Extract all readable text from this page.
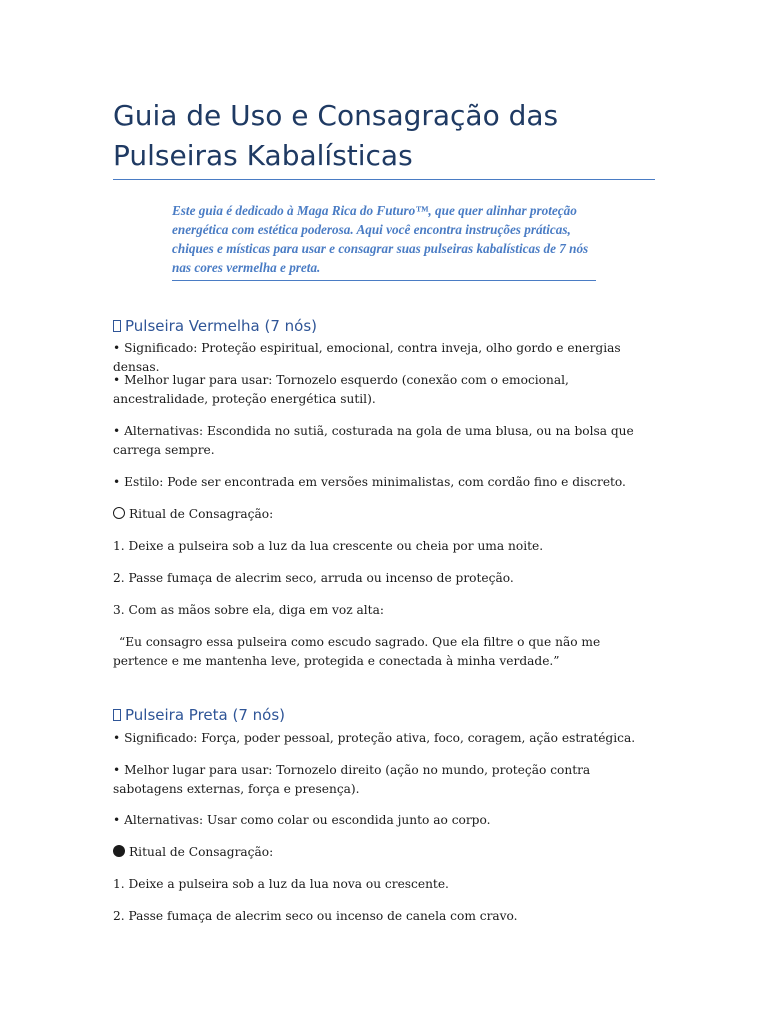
Guia de Uso e Consagração das Pulseiras Kabalísticas
Este guia é dedicado à Maga Rica do Futuro™, que quer alinhar proteção energética com estética poderosa. Aqui você encontra instruções práticas, chiques e místicas para usar e consagrar suas pulseiras kabalísticas de 7 nós nas cores vermelha e preta.
Pulseira Vermelha (7 nós)

• Significado: Proteção espiritual, emocional, contra inveja, olho gordo e energias densas.

• Melhor lugar para usar: Tornozelo esquerdo (conexão com o emocional, ancestralidade, proteção energética sutil).

• Alternativas: Escondida no sutiã, costurada na gola de uma blusa, ou na bolsa que carrega sempre.

• Estilo: Pode ser encontrada em versões minimalistas, com cordão fino e discreto.

Ritual de Consagração:

1. Deixe a pulseira sob a luz da lua crescente ou cheia por uma noite.

2. Passe fumaça de alecrim seco, arruda ou incenso de proteção.

3. Com as mãos sobre ela, diga em voz alta:

“Eu consagro essa pulseira como escudo sagrado. Que ela filtre o que não me pertence e me mantenha leve, protegida e conectada à minha verdade.”

Pulseira Preta (7 nós)

• Significado: Força, poder pessoal, proteção ativa, foco, coragem, ação estratégica.

• Melhor lugar para usar: Tornozelo direito (ação no mundo, proteção contra sabotagens externas, força e presença).

• Alternativas: Usar como colar ou escondida junto ao corpo.

Ritual de Consagração:

1. Deixe a pulseira sob a luz da lua nova ou crescente.

2. Passe fumaça de alecrim seco ou incenso de canela com cravo.
